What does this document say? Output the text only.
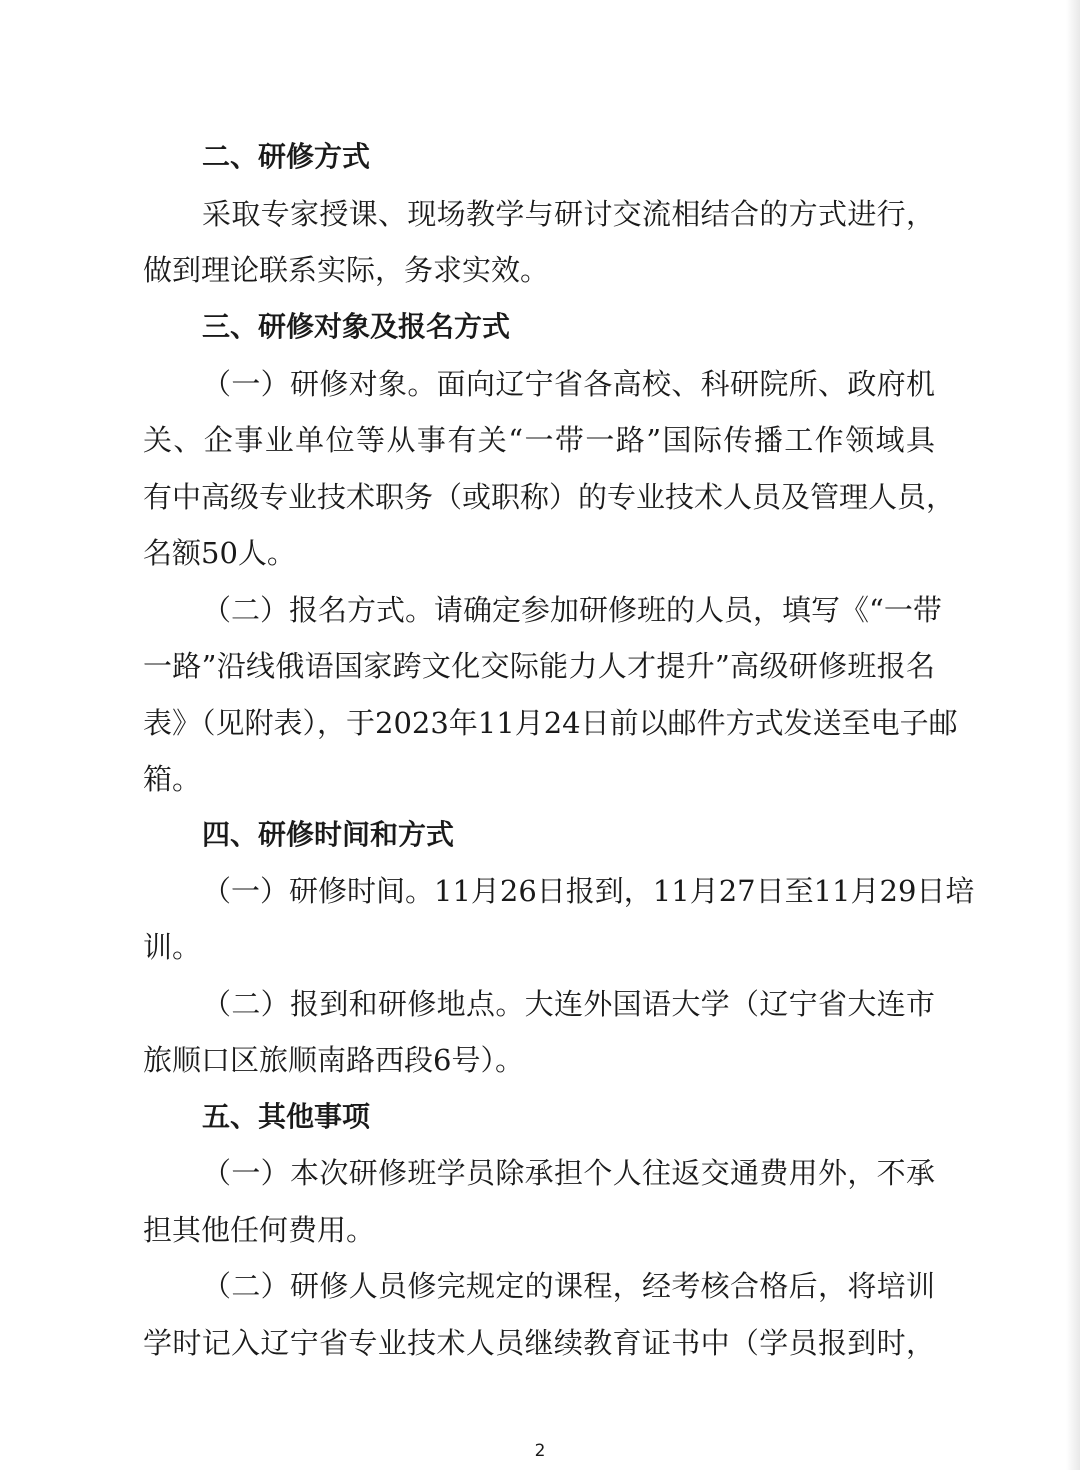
二、研修方式

采取专家授课、现场教学与研讨交流相结合的方式进行，

做到理论联系实际，务求实效。

三、研修对象及报名方式

（一）研修对象。面向辽宁省各高校、科研院所、政府机

关、企事业单位等从事有关“一带一路”国际传播工作领域具

有中高级专业技术职务（或职称）的专业技术人员及管理人员，

名额50人。

（二）报名方式。请确定参加研修班的人员，填写《“一带

一路”沿线俄语国家跨文化交际能力人才提升”高级研修班报名

表》（见附表），于2023年11月24日前以邮件方式发送至电子邮

箱。

四、研修时间和方式

（一）研修时间。11月26日报到，11月27日至11月29日培

训。

（二）报到和研修地点。大连外国语大学（辽宁省大连市

旅顺口区旅顺南路西段6号）。

五、其他事项

（一）本次研修班学员除承担个人往返交通费用外，不承

担其他任何费用。

（二）研修人员修完规定的课程，经考核合格后，将培训

学时记入辽宁省专业技术人员继续教育证书中（学员报到时，

2
